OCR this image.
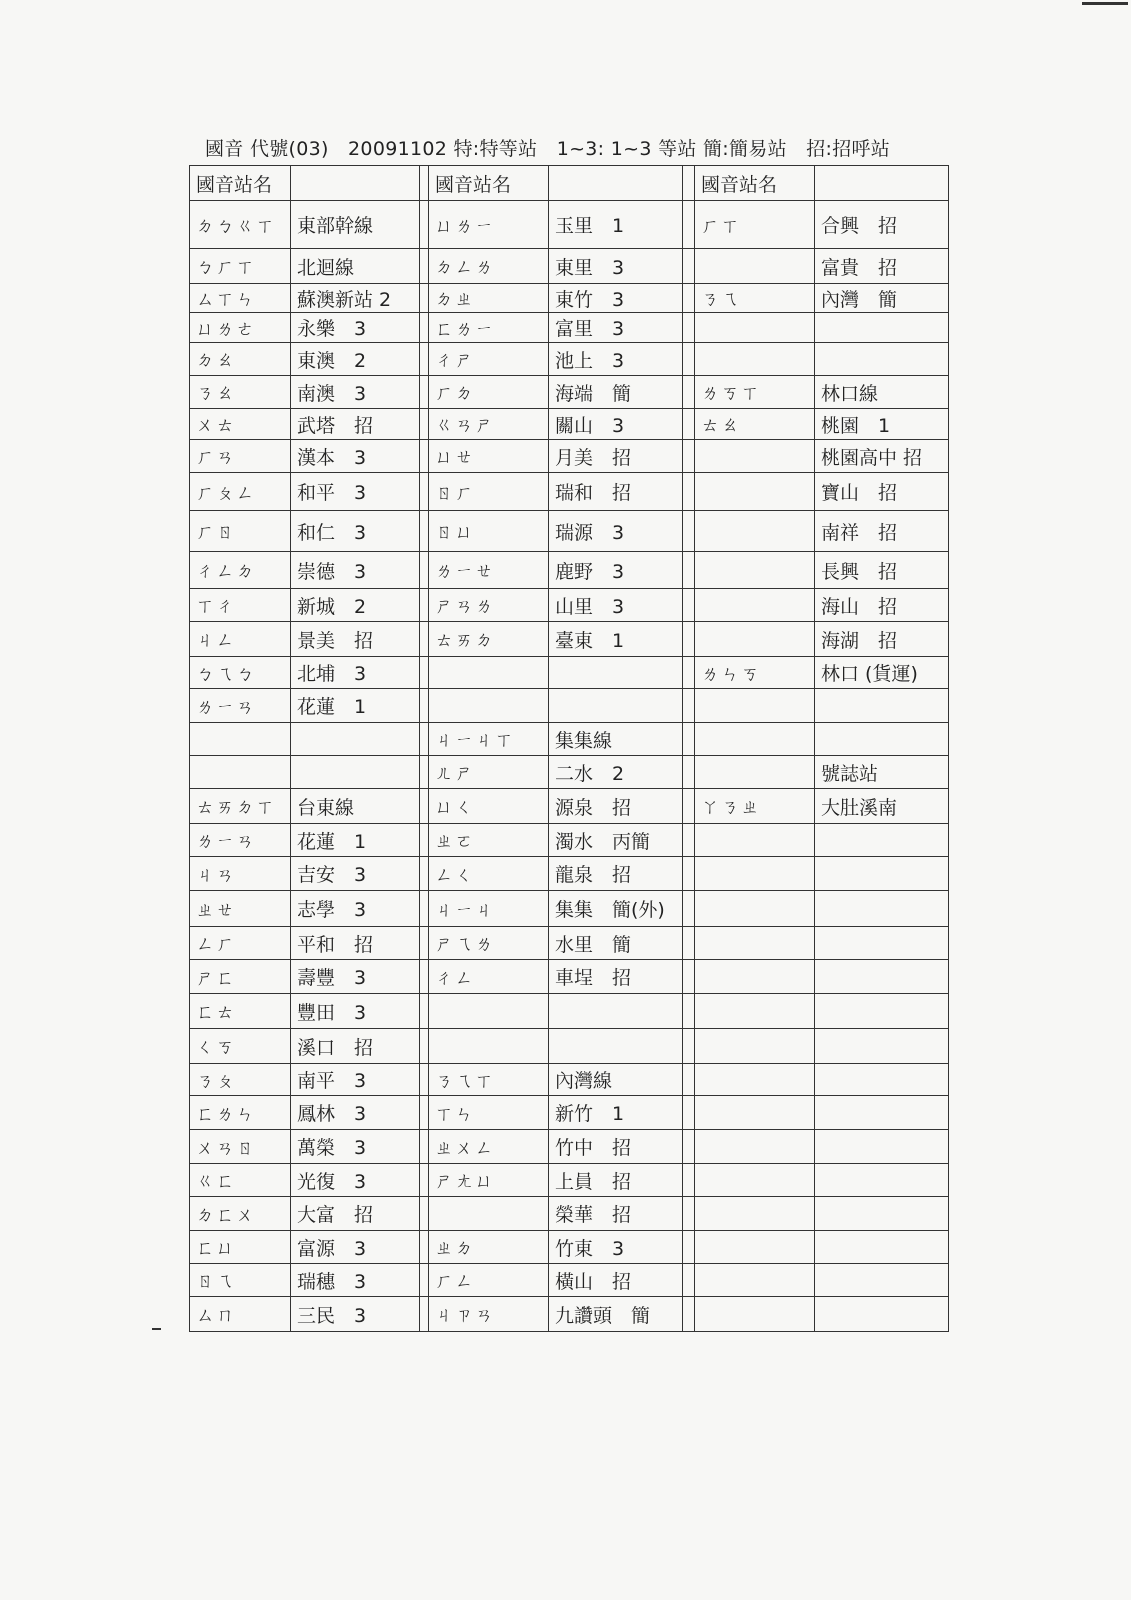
國音 代號(03)　20091102 特:特等站　1~3: 1~3 等站 簡:簡易站　招:招呼站
國音站名		
ㄉㄅㄍㄒ	東部幹線	
ㄅㄏㄒ	北迴線	
ㄙㄒㄣ	蘇澳新站 2	
ㄩㄌㄜ	永樂　3	
ㄉㄠ	東澳　2	
ㄋㄠ	南澳　3	
ㄨㄊ	武塔　招	
ㄏㄢ	漢本　3	
ㄏㄆㄥ	和平　3	
ㄏㄖ	和仁　3	
ㄔㄥㄉ	崇德　3	
ㄒㄔ	新城　2	
ㄐㄥ	景美　招	
ㄅㄟㄅ	北埔　3	
ㄌㄧㄢ	花蓮　1	

ㄊㄞㄉㄒ	台東線	
ㄌㄧㄢ	花蓮　1	
ㄐㄢ	吉安　3	
ㄓㄝ	志學　3	
ㄥㄏ	平和　招	
ㄕㄈ	壽豐　3	
ㄈㄊ	豐田　3	
ㄑㄎ	溪口　招	
ㄋㄆ	南平　3	
ㄈㄌㄣ	鳳林　3	
ㄨㄢㄖ	萬榮　3	
ㄍㄈ	光復　3	
ㄉㄈㄨ	大富　招	
ㄈㄩ	富源　3	
ㄖㄟ	瑞穗　3	
ㄙㄇ	三民　3	
國音站名		
ㄩㄌㄧ	玉里　1	
ㄉㄥㄌ	東里　3	
ㄉㄓ	東竹　3	
ㄈㄌㄧ	富里　3	
ㄔㄕ	池上　3	
ㄏㄉ	海端　簡	
ㄍㄢㄕ	關山　3	
ㄩㄝ	月美　招	
ㄖㄏ	瑞和　招	
ㄖㄩ	瑞源　3	
ㄌㄧㄝ	鹿野　3	
ㄕㄢㄌ	山里　3	
ㄊㄞㄉ	臺東　1	

ㄐㄧㄐㄒ	集集線	
ㄦㄕ	二水　2	
ㄩㄑ	源泉　招	
ㄓㄛ	濁水　丙簡	
ㄥㄑ	龍泉　招	
ㄐㄧㄐ	集集　簡(外)	
ㄕㄟㄌ	水里　簡	
ㄔㄥ	車埕　招	

ㄋㄟㄒ	內灣線	
ㄒㄣ	新竹　1	
ㄓㄨㄥ	竹中　招	
ㄕㄤㄩ	上員　招	
	榮華　招	
ㄓㄉ	竹東　3	
ㄏㄥ	橫山　招	
ㄐㄗㄢ	九讚頭　簡	
國音站名	
ㄏㄒ	合興　招
	富貴　招
ㄋㄟ	內灣　簡

ㄌㄎㄒ	林口線
ㄊㄠ	桃園　1
	桃園高中 招
	寶山　招
	南祥　招
	長興　招
	海山　招
	海湖　招
ㄌㄣㄎ	林口 (貨運)

	號誌站
ㄚㄋㄓ	大肚溪南
